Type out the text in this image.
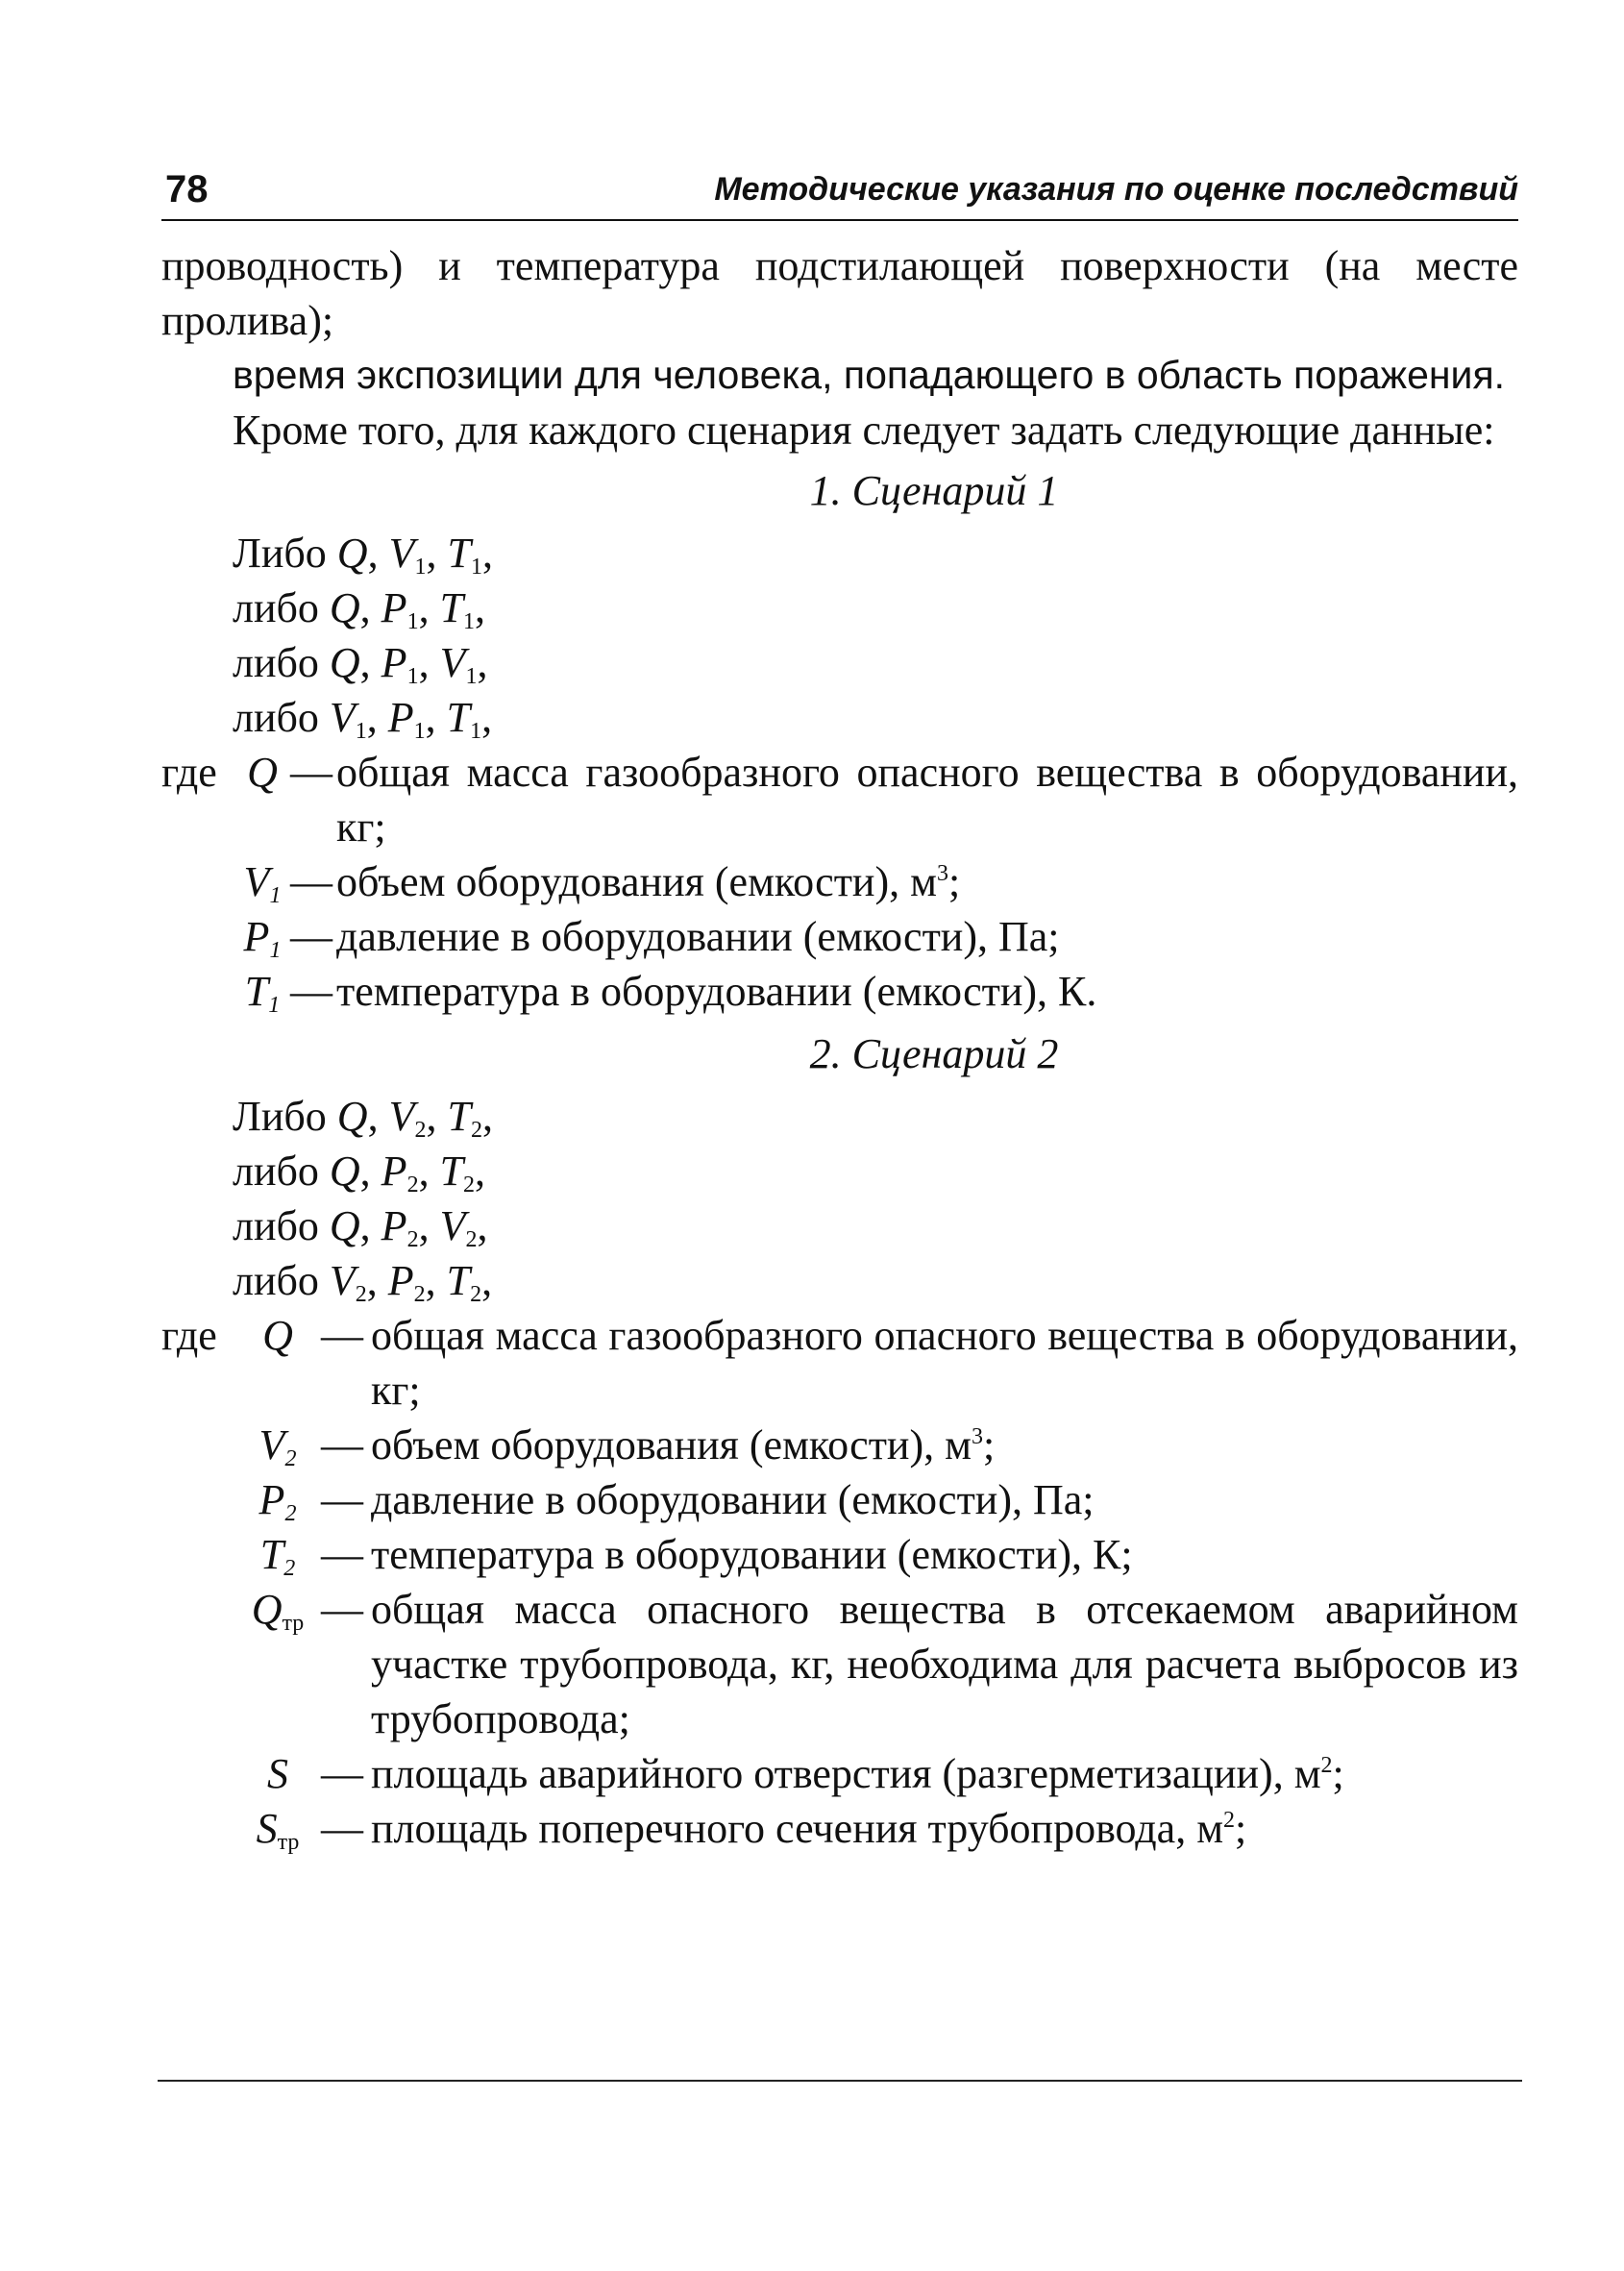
78	Методические указания по оценке последствий

проводность) и температура подстилающей поверхности (на месте пролива);

время экспозиции для человека, попадающего в область поражения.

Кроме того, для каждого сценария следует задать следующие данные:

1. Сценарий 1

Либо Q, $V_1$, $T_1$,

либо Q, $P_1$, $T_1$,

либо Q, $P_1$, $V_1$,

либо $V_1$, $P_1$, $T_1$,

где	Q	—	общая масса газообразного опасного вещества в оборудовании, кг;
	$V_1$	—	объем оборудования (емкости), $м^3$;
	$P_1$	—	давление в оборудовании (емкости), Па;
	$T_1$	—	температура в оборудовании (емкости), К.
2. Сценарий 2

Либо Q, $V_2$, $T_2$,

либо Q, $P_2$, $T_2$,

либо Q, $P_2$, $V_2$,

либо $V_2$, $P_2$, $T_2$,

где	Q	—	общая масса газообразного опасного вещества в оборудовании, кг;
	$V_2$	—	объем оборудования (емкости), $м^3$;
	$P_2$	—	давление в оборудовании (емкости), Па;
	$T_2$	—	температура в оборудовании (емкости), К;
	$Q_{тр}$	—	общая масса опасного вещества в отсекаемом аварийном участке трубопровода, кг, необходима для расчета выбросов из трубопровода;
	S	—	площадь аварийного отверстия (разгерметизации), $м^2$;
	$S_{тр}$	—	площадь поперечного сечения трубопровода, $м^2$;
